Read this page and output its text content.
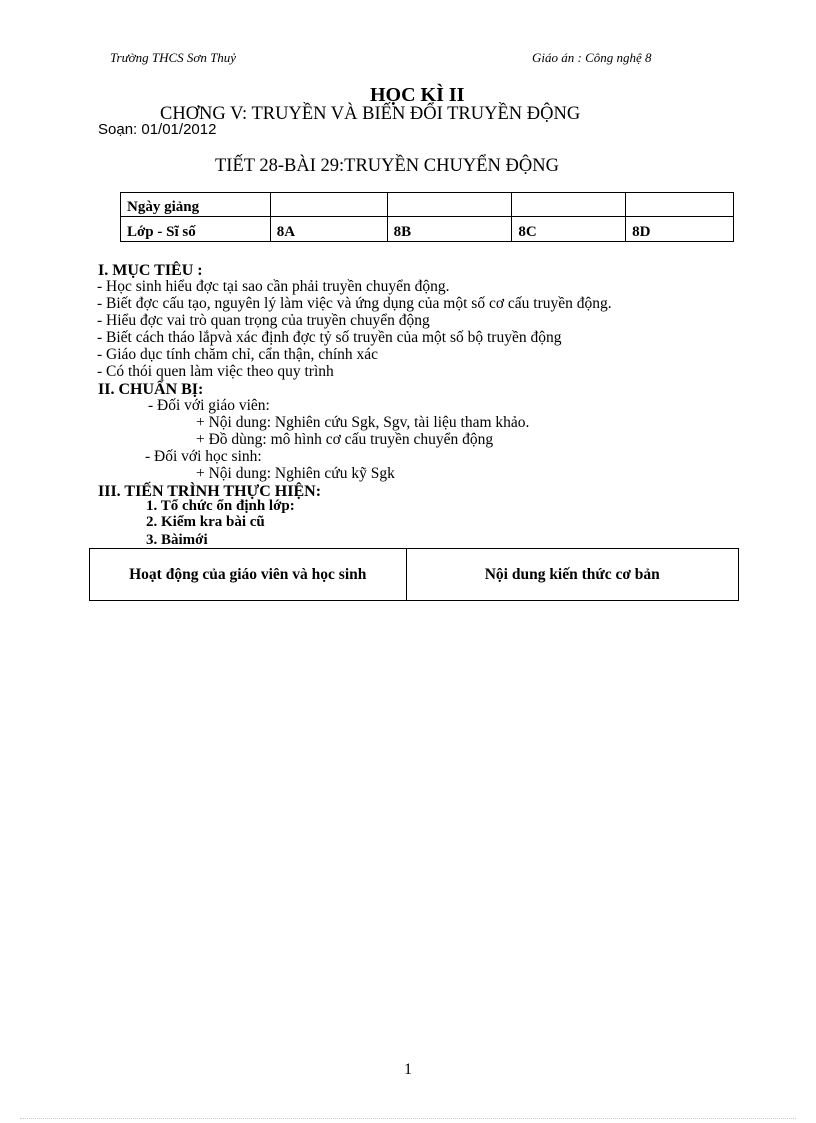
Trường THCS Sơn Thuỷ	Giáo án : Công nghệ 8
HỌC KÌ II
CHƠNG V: TRUYỀN VÀ BIẾN ĐỔI TRUYỀN ĐỘNG
Soạn: 01/01/2012
TIẾT 28-BÀI 29:TRUYỀN CHUYỂN ĐỘNG
Ngày giảng				
Lớp - Sĩ số	8A	8B	8C	8D
I. MỤC TIÊU :
- Học sinh hiểu đợc tại sao cần phải truyền chuyển động.
- Biết đợc cấu tạo, nguyên lý làm việc và ứng dụng của một số cơ cấu truyền động.
- Hiểu đợc vai trò quan trọng của truyền chuyển động
- Biết cách tháo lắpvà xác định đợc tỷ số truyền của một số bộ truyền động
- Giáo dục tính chăm chỉ, cẩn thận, chính xác
- Có thói quen làm việc theo quy trình
II. CHUẨN BỊ:
- Đối với giáo viên:
+ Nội dung: Nghiên cứu Sgk, Sgv, tài liệu tham khảo.
+ Đồ dùng: mô hình cơ cấu truyền chuyển động
- Đối với học sinh:
+ Nội dung: Nghiên cứu kỹ Sgk
III. TIẾN TRÌNH THỰC HIỆN:
1. Tổ chức ổn định lớp:
2. Kiểm kra bài cũ
3. Bàimới
Hoạt động của giáo viên và học sinh	Nội dung kiến thức cơ bản
1
